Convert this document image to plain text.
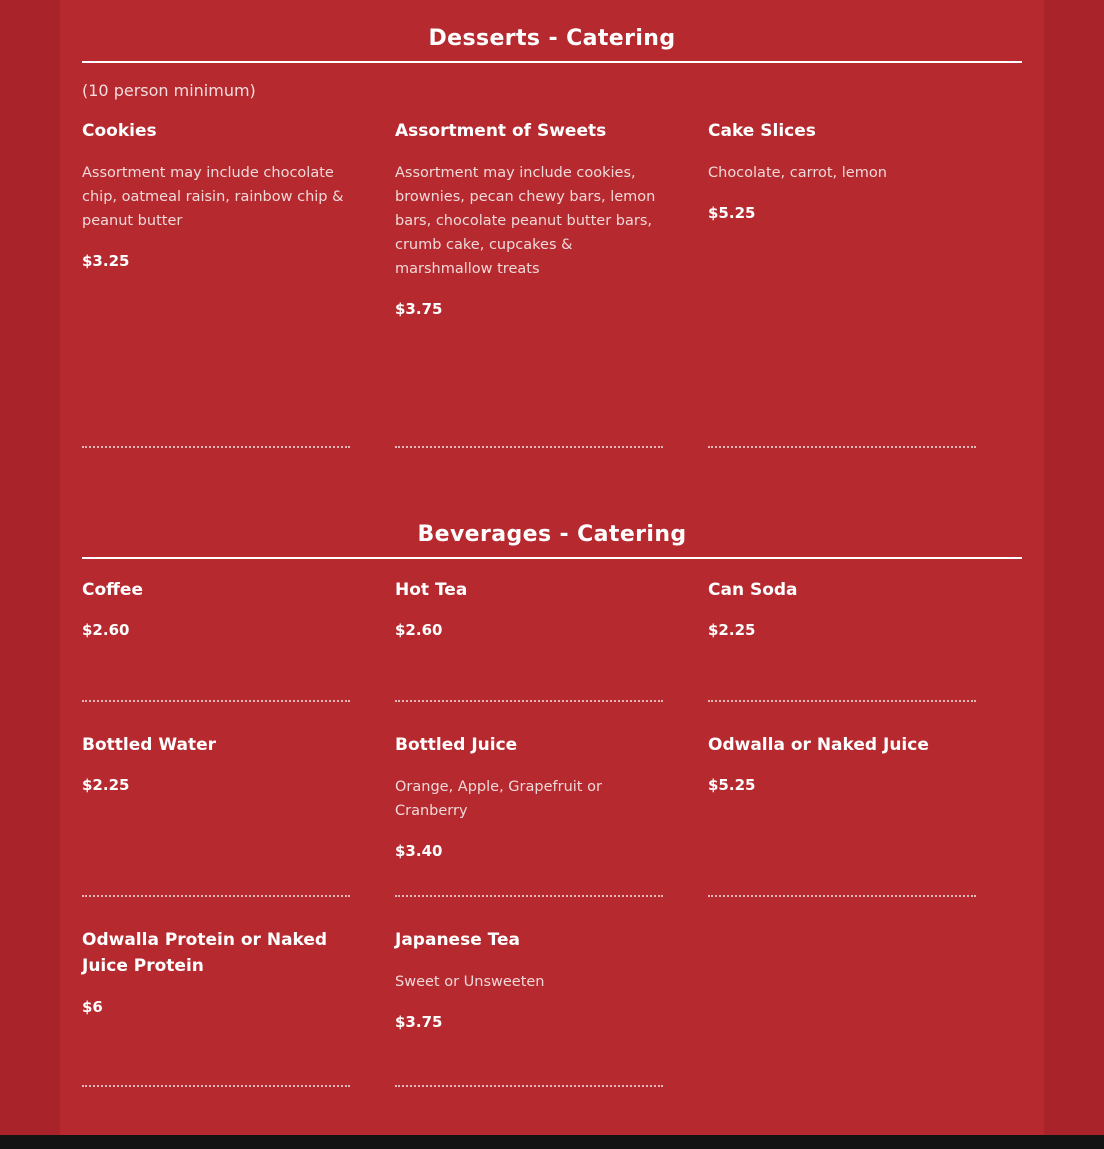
Desserts - Catering
(10 person minimum)
Cookies
Assortment may include chocolate chip, oatmeal raisin, rainbow chip & peanut butter
$3.25
Assortment of Sweets
Assortment may include cookies, brownies, pecan chewy bars, lemon bars, chocolate peanut butter bars, crumb cake, cupcakes & marshmallow treats
$3.75
Cake Slices
Chocolate, carrot, lemon
$5.25
Beverages - Catering
Coffee
$2.60
Hot Tea
$2.60
Can Soda
$2.25
Bottled Water
$2.25
Bottled Juice
Orange, Apple, Grapefruit or Cranberry
$3.40
Odwalla or Naked Juice
$5.25
Odwalla Protein or Naked Juice Protein
$6
Japanese Tea
Sweet or Unsweeten
$3.75
